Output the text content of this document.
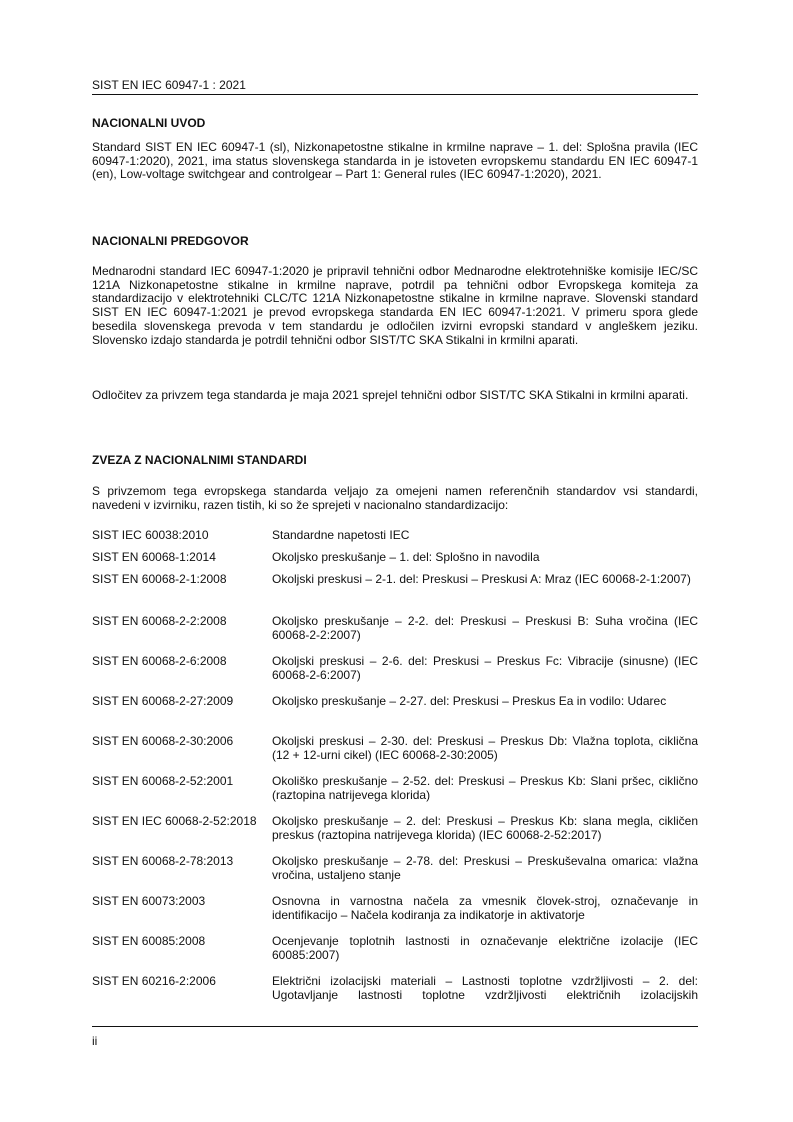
SIST EN IEC 60947-1 : 2021
NACIONALNI UVOD

Standard SIST EN IEC 60947-1 (sl), Nizkonapetostne stikalne in krmilne naprave – 1. del: Splošna pravila (IEC 60947-1:2020), 2021, ima status slovenskega standarda in je istoveten evropskemu standardu EN IEC 60947-1 (en), Low-voltage switchgear and controlgear – Part 1: General rules (IEC 60947-1:2020), 2021.

NACIONALNI PREDGOVOR

Mednarodni standard IEC 60947-1:2020 je pripravil tehnični odbor Mednarodne elektrotehniške komisije IEC/SC 121A Nizkonapetostne stikalne in krmilne naprave, potrdil pa tehnični odbor Evropskega komiteja za standardizacijo v elektrotehniki CLC/TC 121A Nizkonapetostne stikalne in krmilne naprave. Slovenski standard SIST EN IEC 60947-1:2021 je prevod evropskega standarda EN IEC 60947-1:2021. V primeru spora glede besedila slovenskega prevoda v tem standardu je odločilen izvirni evropski standard v angleškem jeziku. Slovensko izdajo standarda je potrdil tehnični odbor SIST/TC SKA Stikalni in krmilni aparati.

Odločitev za privzem tega standarda je maja 2021 sprejel tehnični odbor SIST/TC SKA Stikalni in krmilni aparati.

ZVEZA Z NACIONALNIMI STANDARDI

S privzemom tega evropskega standarda veljajo za omejeni namen referenčnih standardov vsi standardi, navedeni v izvirniku, razen tistih, ki so že sprejeti v nacionalno standardizacijo:

SIST IEC 60038:2010	Standardne napetosti IEC
SIST EN 60068-1:2014	Okoljsko preskušanje – 1. del: Splošno in navodila
SIST EN 60068-2-1:2008	Okoljski preskusi – 2-1. del: Preskusi – Preskusi A: Mraz (IEC 60068-2-1:2007)
SIST EN 60068-2-2:2008	Okoljsko preskušanje – 2-2. del: Preskusi – Preskusi B: Suha vročina (IEC 60068-2-2:2007)
SIST EN 60068-2-6:2008	Okoljski preskusi – 2-6. del: Preskusi – Preskus Fc: Vibracije (sinusne) (IEC 60068-2-6:2007)
SIST EN 60068-2-27:2009	Okoljsko preskušanje – 2-27. del: Preskusi – Preskus Ea in vodilo: Udarec
SIST EN 60068-2-30:2006	Okoljski preskusi – 2-30. del: Preskusi – Preskus Db: Vlažna toplota, ciklična (12 + 12-urni cikel) (IEC 60068-2-30:2005)
SIST EN 60068-2-52:2001	Okoliško preskušanje – 2-52. del: Preskusi – Preskus Kb: Slani pršec, ciklično (raztopina natrijevega klorida)
SIST EN IEC 60068-2-52:2018	Okoljsko preskušanje – 2. del: Preskusi – Preskus Kb: slana megla, cikličen preskus (raztopina natrijevega klorida) (IEC 60068-2-52:2017)
SIST EN 60068-2-78:2013	Okoljsko preskušanje – 2-78. del: Preskusi – Preskuševalna omarica: vlažna vročina, ustaljeno stanje
SIST EN 60073:2003	Osnovna in varnostna načela za vmesnik človek-stroj, označevanje in identifikacijo – Načela kodiranja za indikatorje in aktivatorje
SIST EN 60085:2008	Ocenjevanje toplotnih lastnosti in označevanje električne izolacije (IEC 60085:2007)
SIST EN 60216-2:2006	Električni izolacijski materiali – Lastnosti toplotne vzdržljivosti – 2. del: Ugotavljanje lastnosti toplotne vzdržljivosti električnih izolacijskih
ii
